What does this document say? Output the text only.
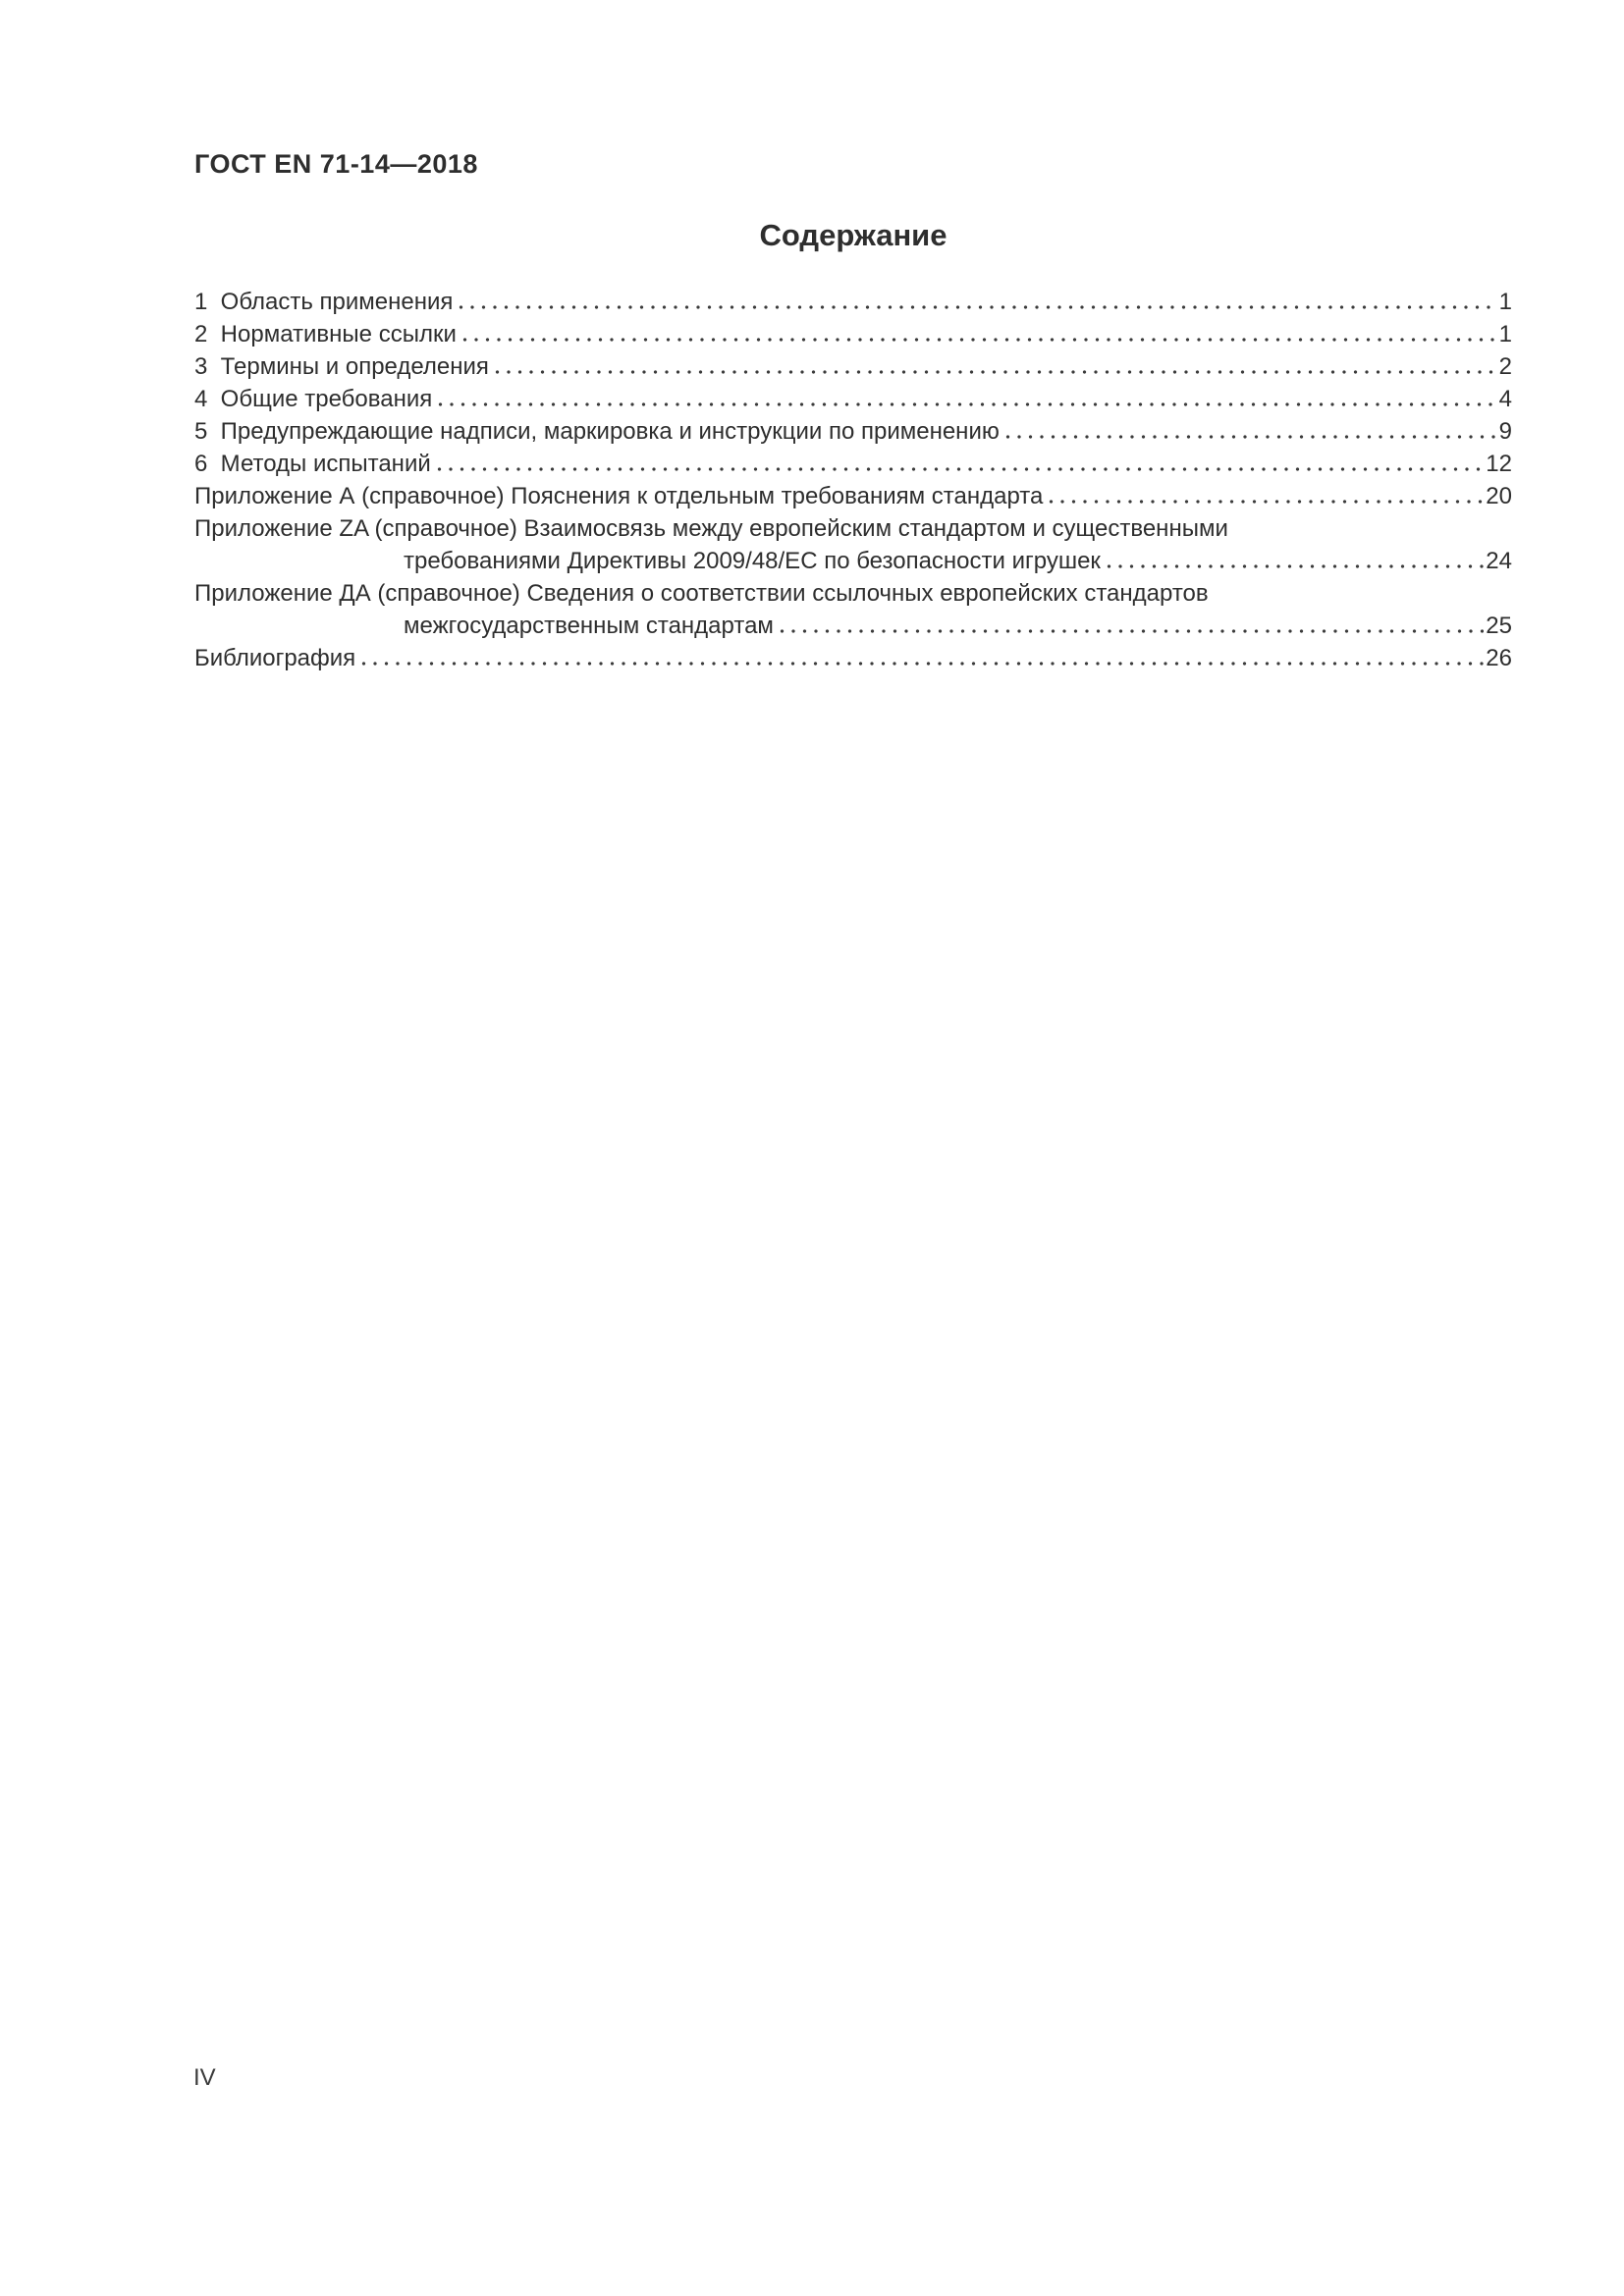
ГОСТ EN 71-14—2018
Содержание
1  Область применения	1
2  Нормативные ссылки	1
3  Термины и определения	2
4  Общие требования	4
5  Предупреждающие надписи, маркировка и инструкции по применению	9
6  Методы испытаний	12
Приложение А (справочное) Пояснения к отдельным требованиям стандарта	20
Приложение ZA (справочное) Взаимосвязь между европейским стандартом и существенными
требованиями Директивы 2009/48/ЕС по безопасности игрушек	24
Приложение ДА (справочное) Сведения о соответствии ссылочных европейских стандартов
межгосударственным стандартам	25
Библиография	26
IV
